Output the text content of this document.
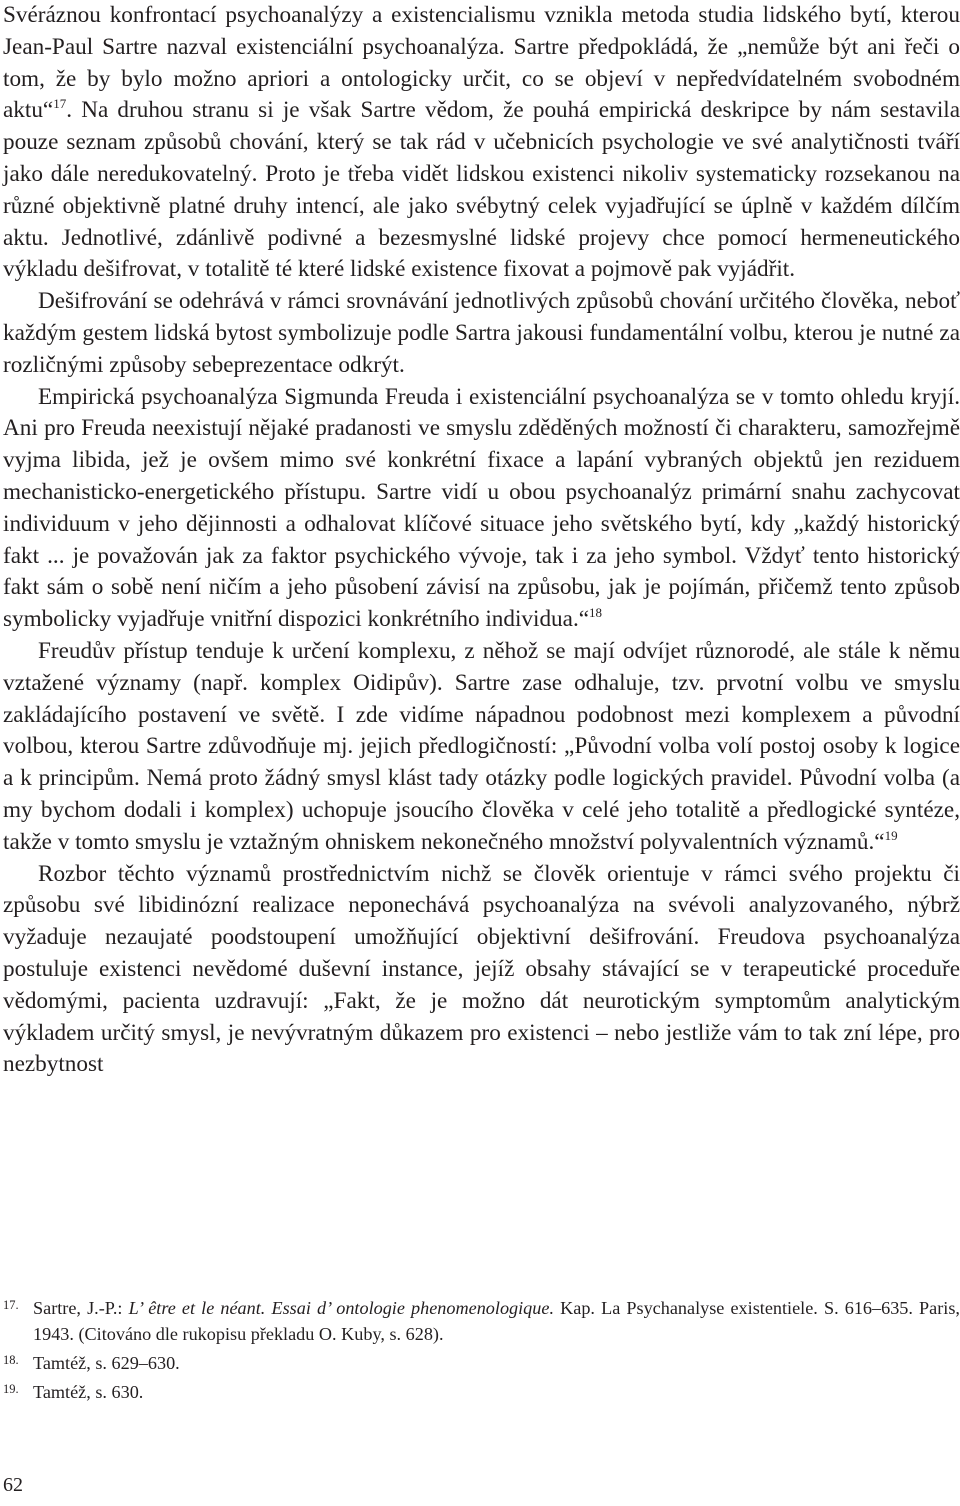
Svéráznou konfrontací psychoanalýzy a existencialismu vznikla metoda studia lidského bytí, kterou Jean-Paul Sartre nazval existenciální psychoanalýza. Sartre předpokládá, že „nemůže být ani řeči o tom, že by bylo možno apriori a ontologicky určit, co se objeví v nepředvídatelném svobodném aktu“$^{17}$. Na druhou stranu si je však Sartre vědom, že pouhá empirická deskripce by nám sestavila pouze seznam způsobů chování, který se tak rád v učebnicích psychologie ve své analytičnosti tváří jako dále neredukovatelný. Proto je třeba vidět lidskou existenci nikoliv systematicky rozsekanou na různé objektivně platné druhy intencí, ale jako svébytný celek vyjadřující se úplně v každém dílčím aktu. Jednotlivé, zdánlivě podivné a bezesmyslné lidské projevy chce pomocí hermeneutického výkladu dešifrovat, v totalitě té které lidské existence fixovat a pojmově pak vyjádřit.

Dešifrování se odehrává v rámci srovnávání jednotlivých způsobů chování určitého člověka, neboť každým gestem lidská bytost symbolizuje podle Sartra jakousi fundamentální volbu, kterou je nutné za rozličnými způsoby sebeprezentace odkrýt.

Empirická psychoanalýza Sigmunda Freuda i existenciální psychoanalýza se v tomto ohledu kryjí. Ani pro Freuda neexistují nějaké pradanosti ve smyslu zděděných možností či charakteru, samozřejmě vyjma libida, jež je ovšem mimo své konkrétní fixace a lapání vybraných objektů jen reziduem mechanisticko-energetického přístupu. Sartre vidí u obou psychoanalýz primární snahu zachycovat individuum v jeho dějinnosti a odhalovat klíčové situace jeho světského bytí, kdy „každý historický fakt ... je považován jak za faktor psychického vývoje, tak i za jeho symbol. Vždyť tento historický fakt sám o sobě není ničím a jeho působení závisí na způsobu, jak je pojímán, přičemž tento způsob symbolicky vyjadřuje vnitřní dispozici konkrétního individua.“$^{18}$

Freudův přístup tenduje k určení komplexu, z něhož se mají odvíjet různorodé, ale stále k němu vztažené významy (např. komplex Oidipův). Sartre zase odhaluje, tzv. prvotní volbu ve smyslu zakládajícího postavení ve světě. I zde vidíme nápadnou podobnost mezi komplexem a původní volbou, kterou Sartre zdůvodňuje mj. jejich předlogičností: „Původní volba volí postoj osoby k logice a k principům. Nemá proto žádný smysl klást tady otázky podle logických pravidel. Původní volba (a my bychom dodali i komplex) uchopuje jsoucího člověka v celé jeho totalitě a předlogické syntéze, takže v tomto smyslu je vztažným ohniskem nekonečného množství polyvalentních významů.“$^{19}$

Rozbor těchto významů prostřednictvím nichž se člověk orientuje v rámci svého projektu či způsobu své libidinózní realizace neponechává psychoanalýza na svévoli analyzovaného, nýbrž vyžaduje nezaujaté poodstoupení umožňující objektivní dešifrování. Freudova psychoanalýza postuluje existenci nevědomé duševní instance, jejíž obsahy stávající se v terapeutické proceduře vědomými, pacienta uzdravují: „Fakt, že je možno dát neurotickým symptomům analytickým výkladem určitý smysl, je nevývratným důkazem pro existenci – nebo jestliže vám to tak zní lépe, pro nezbytnost

17. Sartre, J.-P.: L’ être et le néant. Essai d’ ontologie phenomenologique. Kap. La Psychanalyse existentiele. S. 616–635. Paris, 1943. (Citováno dle rukopisu překladu O. Kuby, s. 628).
18. Tamtéž, s. 629–630.
19. Tamtéž, s. 630.
62
